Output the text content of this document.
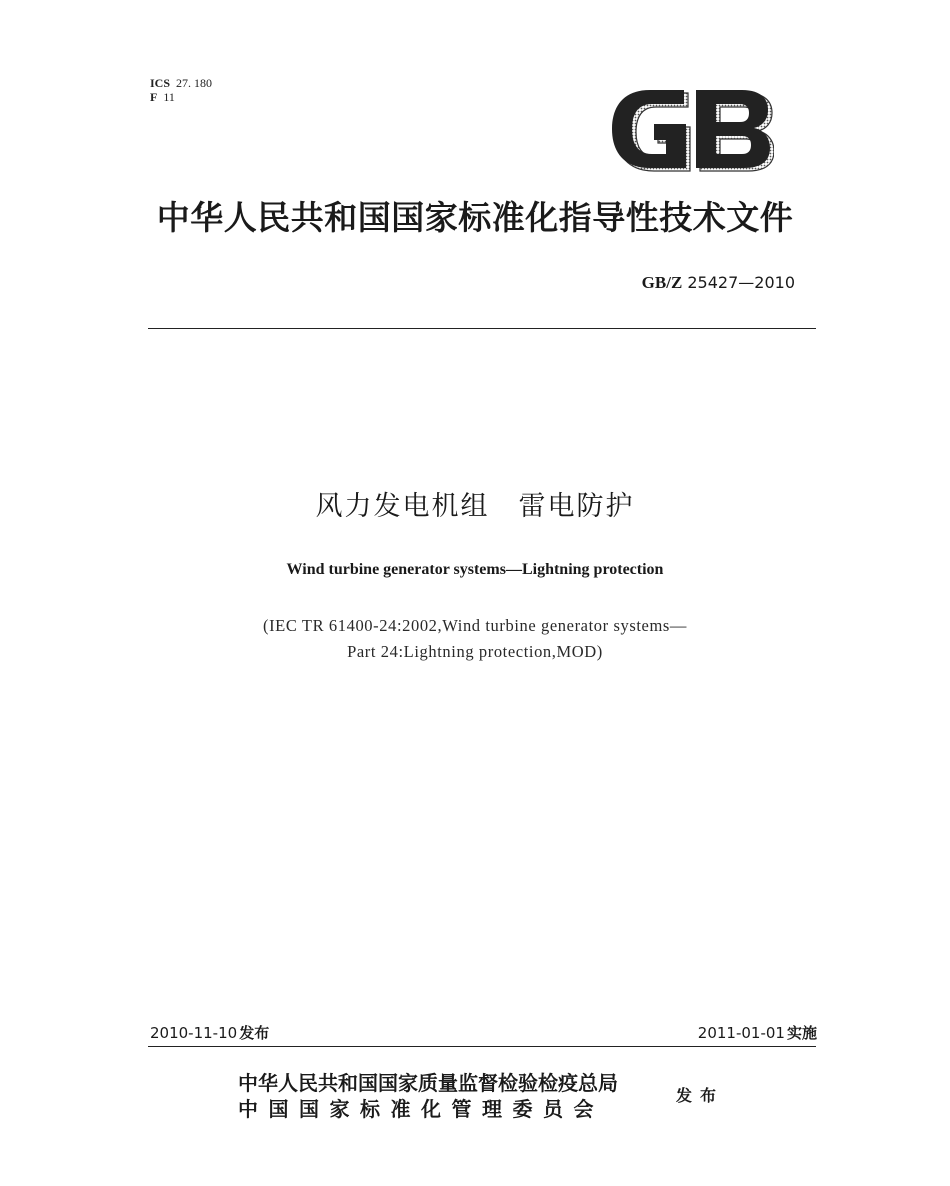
ICS 27. 180
F 11
中华人民共和国国家标准化指导性技术文件
GB/Z 25427—2010
风力发电机组　雷电防护
Wind turbine generator systems—Lightning protection
(IEC TR 61400-24:2002,Wind turbine generator systems—
Part 24:Lightning protection,MOD)
2010-11-10 发布	2011-01-01 实施
中华人民共和国国家质量监督检验检疫总局
中国国家标准化管理委员会
发布
